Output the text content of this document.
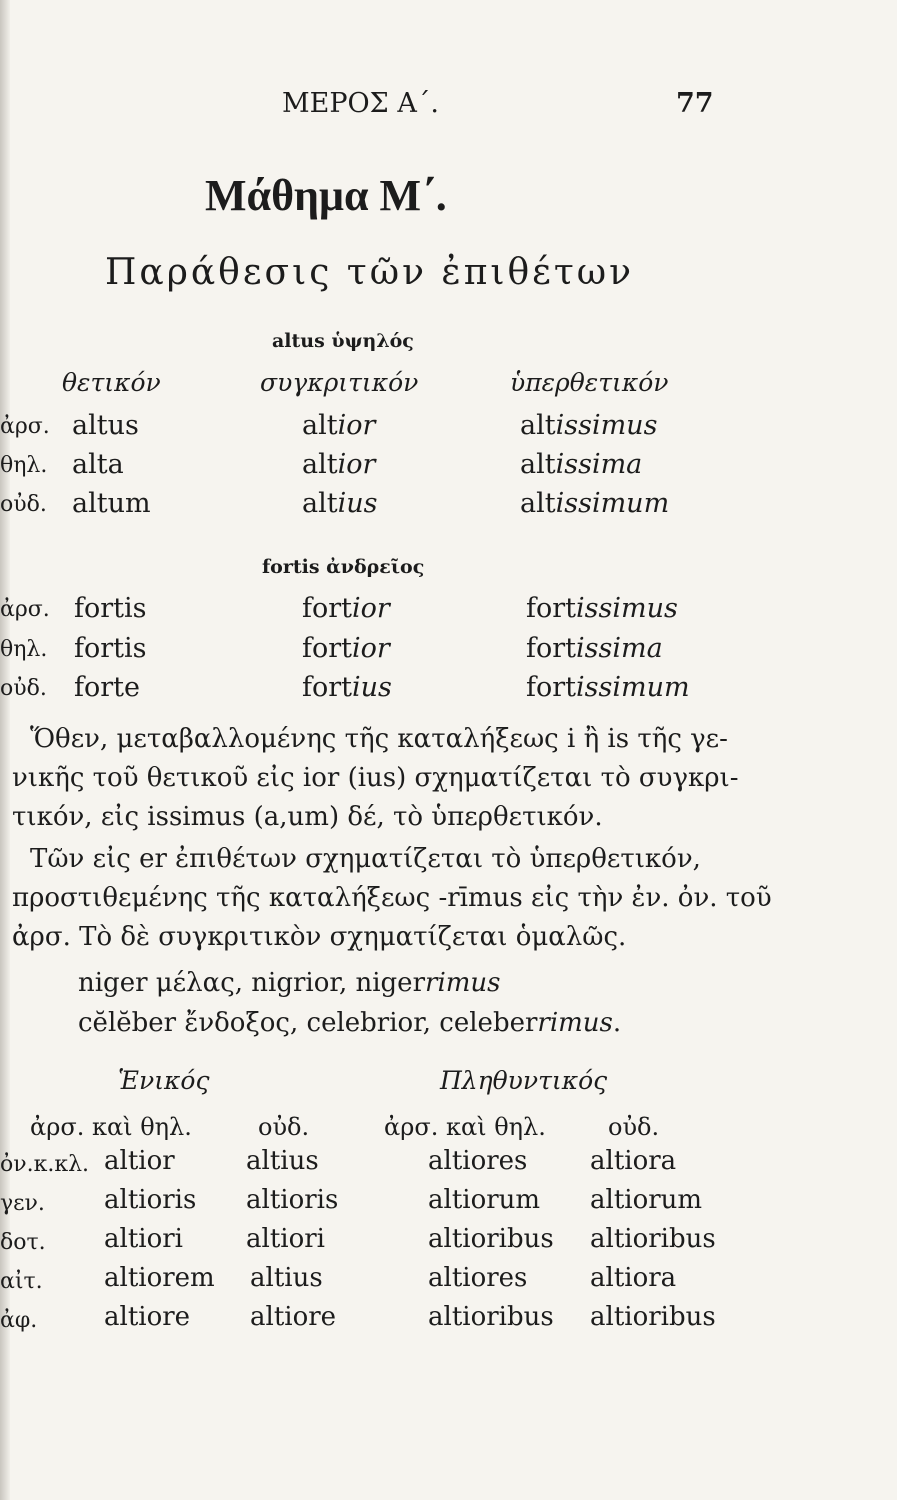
ΜΕΡΟΣ Α΄.	77
Μάθημα Μ΄.
Παράθεσις τῶν ἐπιθέτων
altus ὑψηλός
θετικόν	συγκριτικόν	ὑπερθετικόν
ἀρσ. altus	altior	altissimus
θηλ. alta	altior	altissima
οὐδ. altum	altius	altissimum
fortis ἀνδρεῖος
ἀρσ. fortis	fortior	fortissimus
θηλ. fortis	fortior	fortissima
οὐδ. forte	fortius	fortissimum
Ὅθεν, μεταβαλλομένης τῆς καταλήξεως i ἢ is τῆς γε-
νικῆς τοῦ θετικοῦ εἰς ior (ius) σχηματίζεται τὸ συγκρι-
τικόν, εἰς issimus (a,um) δέ, τὸ ὑπερθετικόν.
Τῶν εἰς er ἐπιθέτων σχηματίζεται τὸ ὑπερθετικόν,
προστιθεμένης τῆς καταλήξεως -rīmus εἰς τὴν ἐν. ὀν. τοῦ
ἀρσ. Τὸ δὲ συγκριτικὸν σχηματίζεται ὁμαλῶς.
niger μέλας, nigrior, nigerrimus
cĕlĕber ἔνδοξος, celebrior, celeberrimus.
Ἑνικός	Πληθυντικός
ἀρσ. καὶ θηλ.	οὐδ.	ἀρσ. καὶ θηλ.	οὐδ.
ὀν.κ.κλ. altior	altius	altiores altiora
γεν. altioris altioris	altiorum altiorum
δοτ. altiori altiori	altioribus altioribus
αἰτ. altiorem altius	altiores altiora
ἀφ.	altiore altiore	altioribus altioribus
